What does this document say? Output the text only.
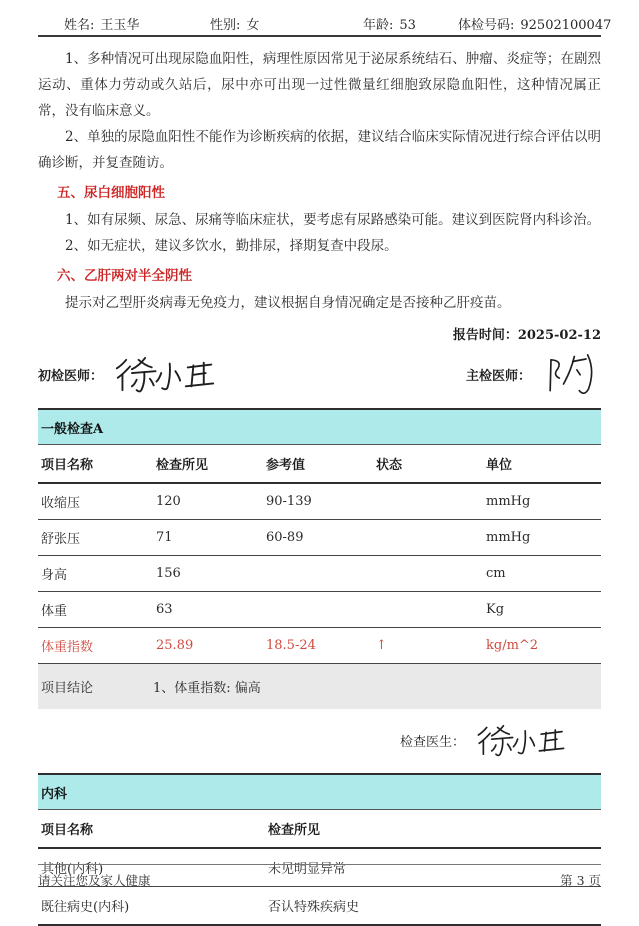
姓名: 王玉华	性别: 女	年龄: 53	体检号码: 92502100047

1、多种情况可出现尿隐血阳性，病理性原因常见于泌尿系统结石、肿瘤、炎症等；在剧烈运动、重体力劳动或久站后，尿中亦可出现一过性微量红细胞致尿隐血阳性，这种情况属正常，没有临床意义。

2、单独的尿隐血阳性不能作为诊断疾病的依据，建议结合临床实际情况进行综合评估以明确诊断，并复查随访。

五、尿白细胞阳性

1、如有尿频、尿急、尿痛等临床症状，要考虑有尿路感染可能。建议到医院肾内科诊治。

2、如无症状，建议多饮水，勤排尿，择期复查中段尿。

六、乙肝两对半全阴性

提示对乙型肝炎病毒无免疫力，建议根据自身情况确定是否接种乙肝疫苗。

报告时间：2025-02-12
初检医师：	主检医师：
一般检查A
项目名称	检查所见	参考值	状态	单位
收缩压	120	90-139		mmHg
舒张压	71	60-89		mmHg
身高	156			cm
体重	63			Kg
体重指数	25.89	18.5-24	↑	kg/m^2
项目结论	1、体重指数: 偏高
检查医生：
内科
项目名称	检查所见
其他(内科)	未见明显异常
既往病史(内科)	否认特殊疾病史
请关注您及家人健康	第 3 页
